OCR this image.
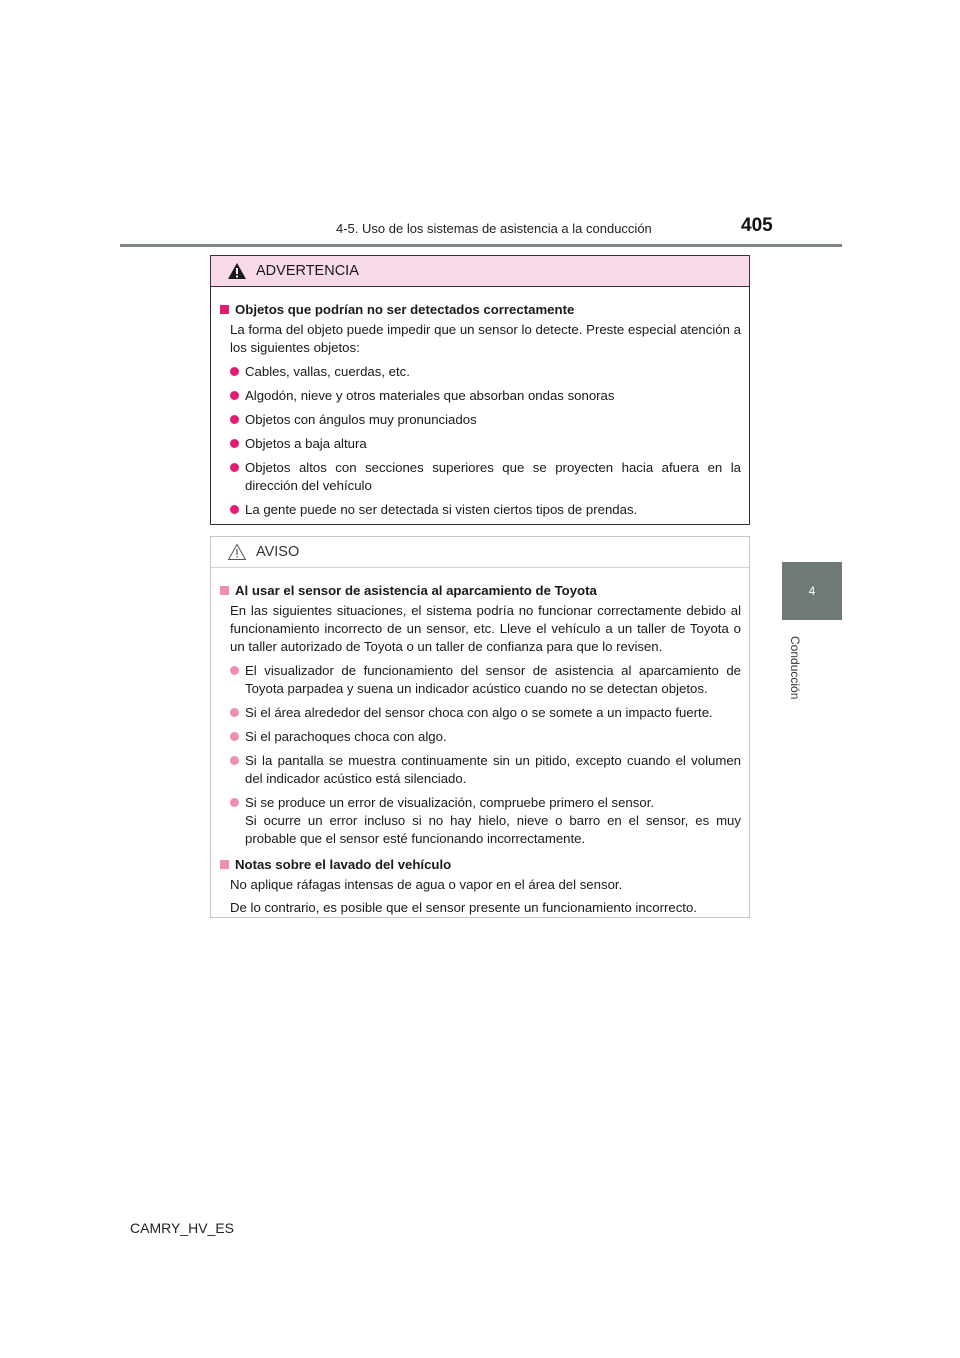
4-5. Uso de los sistemas de asistencia a la conducción	405
4
Conducción
ADVERTENCIA
Objetos que podrían no ser detectados correctamente
La forma del objeto puede impedir que un sensor lo detecte. Preste especial atención a los siguientes objetos:
Cables, vallas, cuerdas, etc.
Algodón, nieve y otros materiales que absorban ondas sonoras
Objetos con ángulos muy pronunciados
Objetos a baja altura
Objetos altos con secciones superiores que se proyecten hacia afuera en la dirección del vehículo
La gente puede no ser detectada si visten ciertos tipos de prendas.
AVISO
Al usar el sensor de asistencia al aparcamiento de Toyota
En las siguientes situaciones, el sistema podría no funcionar correctamente debido al funcionamiento incorrecto de un sensor, etc. Lleve el vehículo a un taller de Toyota o un taller autorizado de Toyota o un taller de confianza para que lo revisen.
El visualizador de funcionamiento del sensor de asistencia al aparcamiento de Toyota parpadea y suena un indicador acústico cuando no se detectan objetos.
Si el área alrededor del sensor choca con algo o se somete a un impacto fuerte.
Si el parachoques choca con algo.
Si la pantalla se muestra continuamente sin un pitido, excepto cuando el volumen del indicador acústico está silenciado.
Si se produce un error de visualización, compruebe primero el sensor.
Si ocurre un error incluso si no hay hielo, nieve o barro en el sensor, es muy probable que el sensor esté funcionando incorrectamente.
Notas sobre el lavado del vehículo
No aplique ráfagas intensas de agua o vapor en el área del sensor.
De lo contrario, es posible que el sensor presente un funcionamiento incorrecto.
CAMRY_HV_ES
